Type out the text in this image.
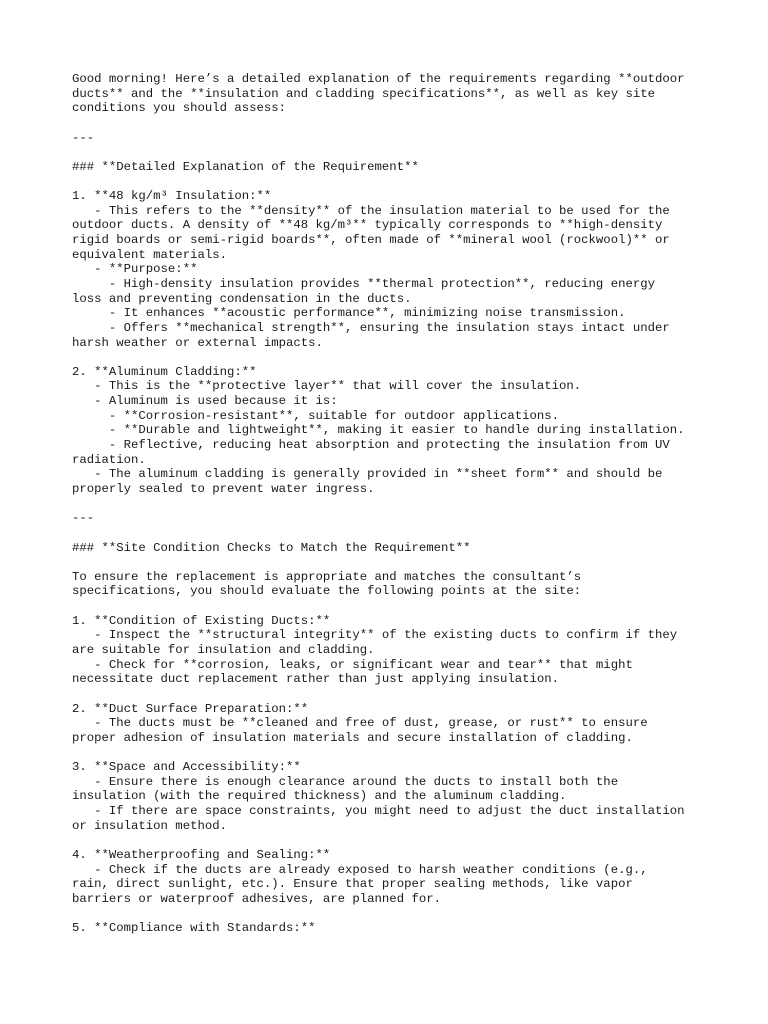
Good morning! Here’s a detailed explanation of the requirements regarding **outdoor
ducts** and the **insulation and cladding specifications**, as well as key site
conditions you should assess:
---
### **Detailed Explanation of the Requirement**
1. **48 kg/m³ Insulation:**
- This refers to the **density** of the insulation material to be used for the
outdoor ducts. A density of **48 kg/m³** typically corresponds to **high-density
rigid boards or semi-rigid boards**, often made of **mineral wool (rockwool)** or
equivalent materials.
- **Purpose:**
- High-density insulation provides **thermal protection**, reducing energy
loss and preventing condensation in the ducts.
- It enhances **acoustic performance**, minimizing noise transmission.
- Offers **mechanical strength**, ensuring the insulation stays intact under
harsh weather or external impacts.
2. **Aluminum Cladding:**
- This is the **protective layer** that will cover the insulation.
- Aluminum is used because it is:
- **Corrosion-resistant**, suitable for outdoor applications.
- **Durable and lightweight**, making it easier to handle during installation.
- Reflective, reducing heat absorption and protecting the insulation from UV
radiation.
- The aluminum cladding is generally provided in **sheet form** and should be
properly sealed to prevent water ingress.
---
### **Site Condition Checks to Match the Requirement**
To ensure the replacement is appropriate and matches the consultant’s
specifications, you should evaluate the following points at the site:
1. **Condition of Existing Ducts:**
- Inspect the **structural integrity** of the existing ducts to confirm if they
are suitable for insulation and cladding.
- Check for **corrosion, leaks, or significant wear and tear** that might
necessitate duct replacement rather than just applying insulation.
2. **Duct Surface Preparation:**
- The ducts must be **cleaned and free of dust, grease, or rust** to ensure
proper adhesion of insulation materials and secure installation of cladding.
3. **Space and Accessibility:**
- Ensure there is enough clearance around the ducts to install both the
insulation (with the required thickness) and the aluminum cladding.
- If there are space constraints, you might need to adjust the duct installation
or insulation method.
4. **Weatherproofing and Sealing:**
- Check if the ducts are already exposed to harsh weather conditions (e.g.,
rain, direct sunlight, etc.). Ensure that proper sealing methods, like vapor
barriers or waterproof adhesives, are planned for.
5. **Compliance with Standards:**
